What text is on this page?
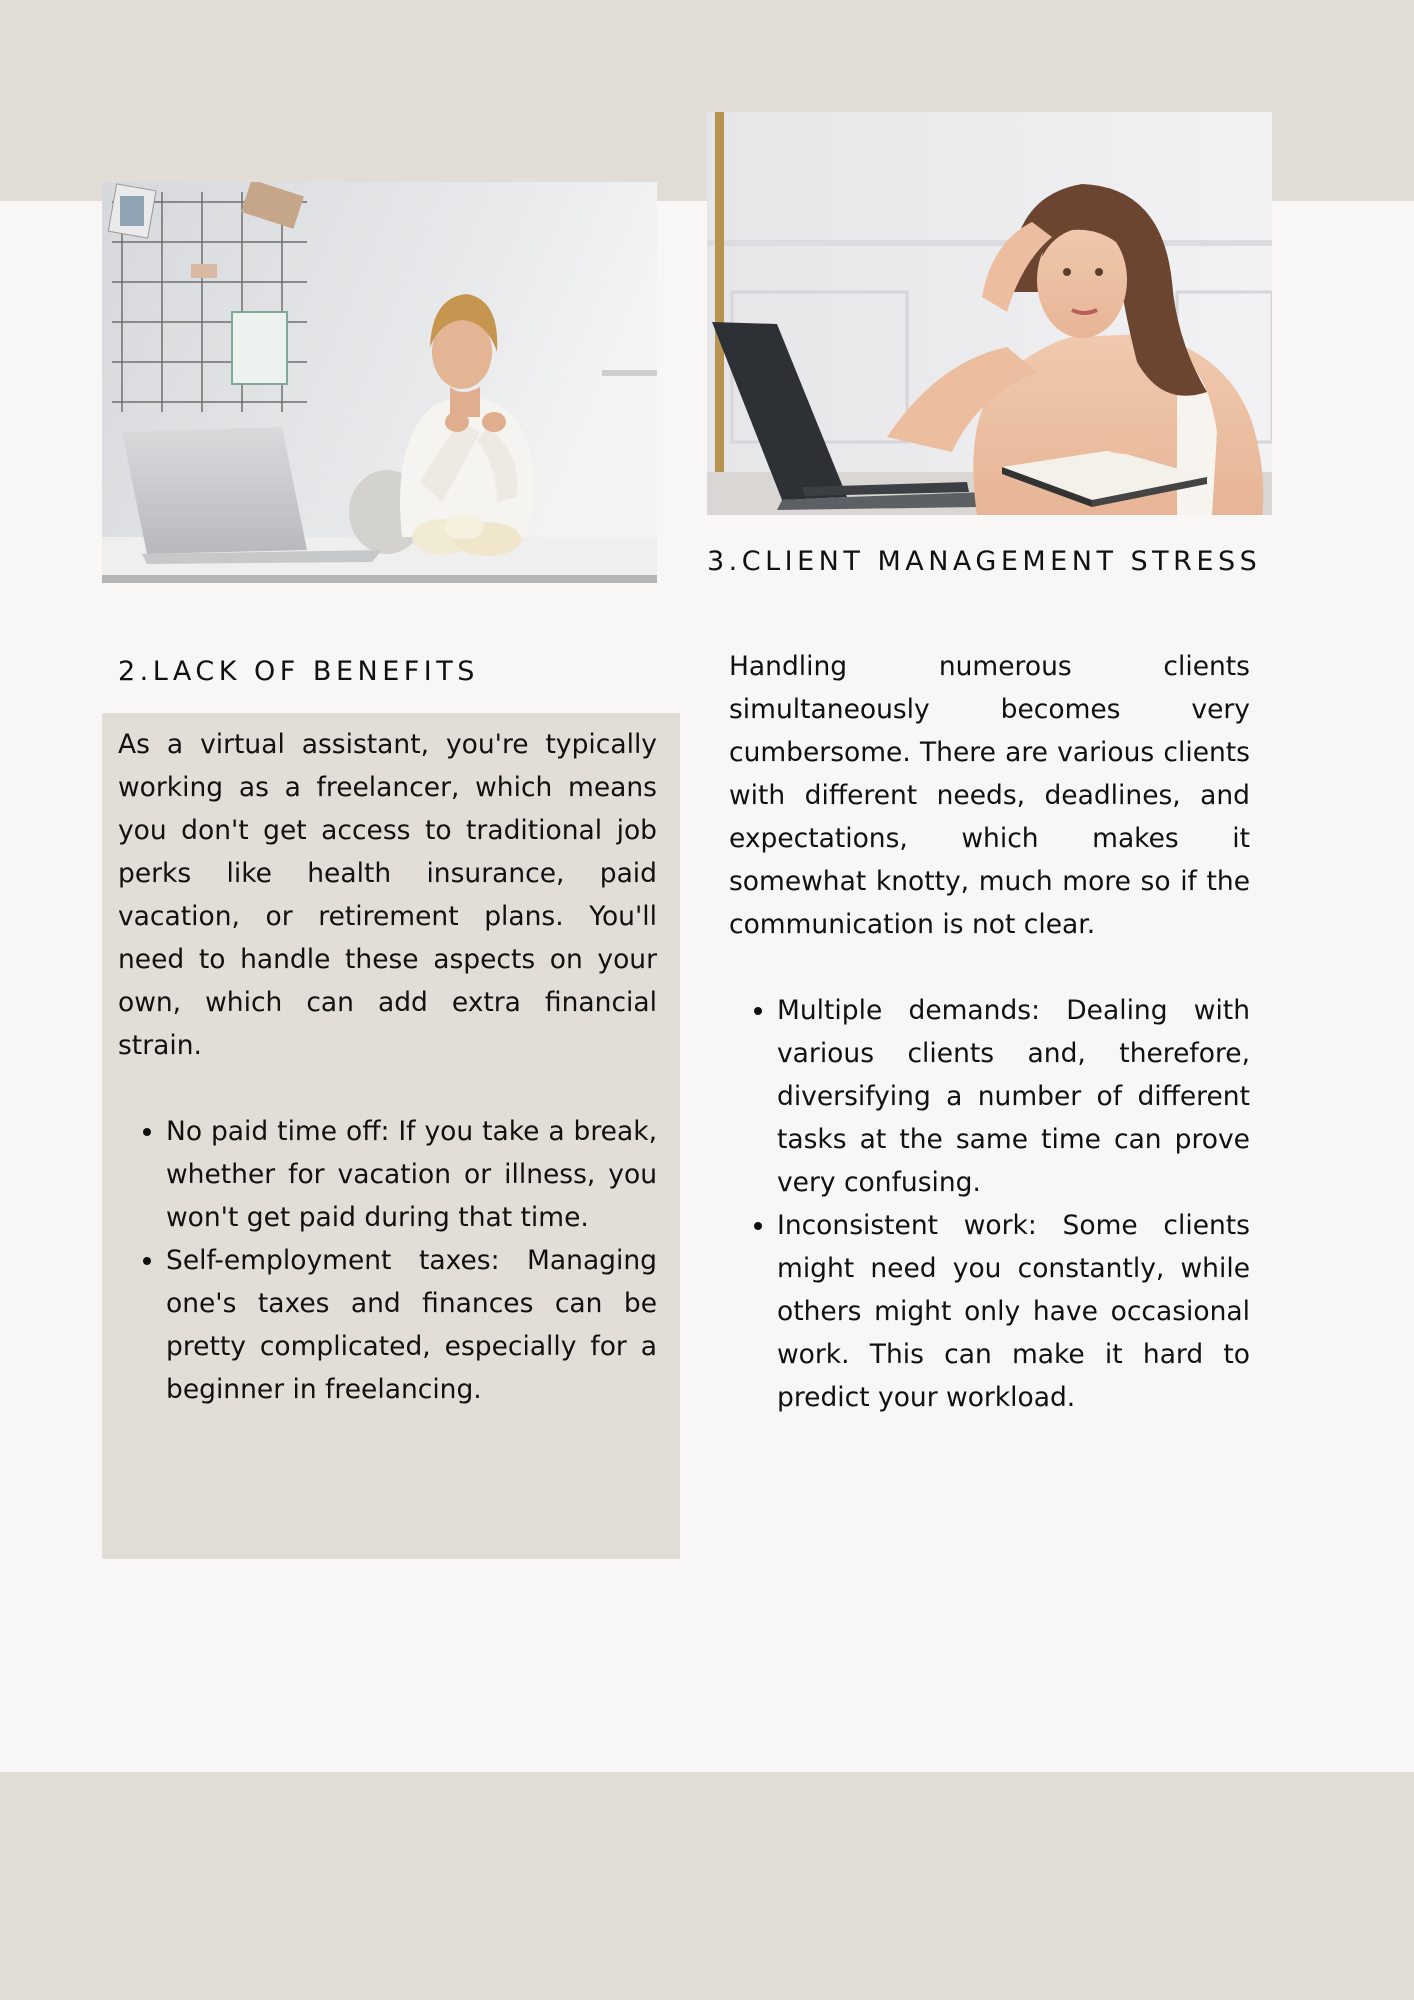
2.LACK OF BENEFITS
3.CLIENT MANAGEMENT STRESS

As a virtual assistant, you're typically working as a freelancer, which means you don't get access to traditional job perks like health insurance, paid vacation, or retirement plans. You'll need to handle these aspects on your own, which can add extra financial strain.

• No paid time off: If you take a break, whether for vacation or illness, you won't get paid during that time.
• Self-employment taxes: Managing one's taxes and finances can be pretty complicated, especially for a beginner in freelancing.

Handling numerous clients simultaneously becomes very cumbersome. There are various clients with different needs, deadlines, and expectations, which makes it somewhat knotty, much more so if the communication is not clear.

• Multiple demands: Dealing with various clients and, therefore, diversifying a number of different tasks at the same time can prove very confusing.
• Inconsistent work: Some clients might need you constantly, while others might only have occasional work. This can make it hard to predict your workload.
